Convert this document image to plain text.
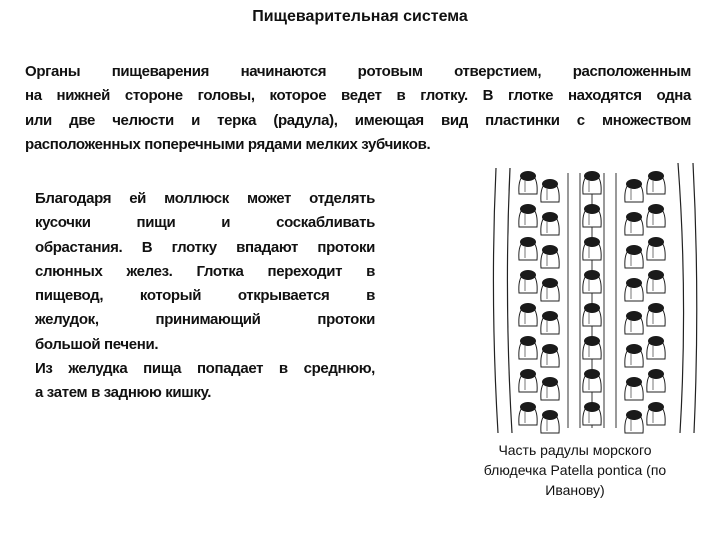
Пищеварительная система
Органы пищеварения начинаются ротовым отверстием, расположенным
на нижней стороне головы, которое ведет в глотку. В глотке находятся одна
или две челюсти и терка (радула), имеющая вид пластинки с множеством
расположенных поперечными рядами мелких зубчиков.
Благодаря ей моллюск может отделять
кусочки пищи и соскабливать
обрастания. В глотку впадают протоки
слюнных желез. Глотка переходит в
пищевод, который открывается в
желудок, принимающий протоки
большой печени.
Из желудка пища попадает в среднюю,
а затем в заднюю кишку.
Часть радулы морского
блюдечка Patella pontica (по
Иванову)
